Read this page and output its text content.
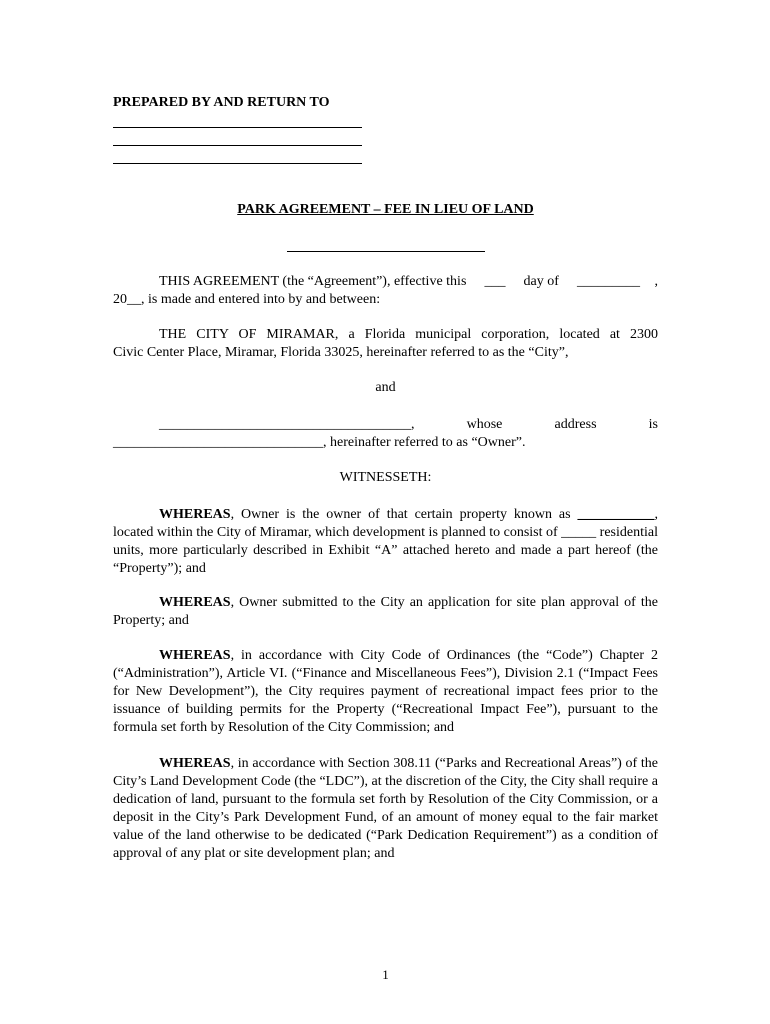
PREPARED BY AND RETURN TO
PARK AGREEMENT – FEE IN LIEU OF LAND
THIS AGREEMENT (the “Agreement”), effective this ___ day of _________ ,
20__, is made and entered into by and between:
THE CITY OF MIRAMAR, a Florida municipal corporation, located at 2300
Civic Center Place, Miramar, Florida 33025, hereinafter referred to as the “City”,
and
____________________________________,	whose	address	is
______________________________, hereinafter referred to as “Owner”.
WITNESSETH:
WHEREAS, Owner is the owner of that certain property known as ___________, located within the City of Miramar, which development is planned to consist of _____ residential units, more particularly described in Exhibit “A” attached hereto and made a part hereof (the “Property”); and
WHEREAS, Owner submitted to the City an application for site plan approval of the Property; and
WHEREAS, in accordance with City Code of Ordinances (the “Code”) Chapter 2 (“Administration”), Article VI. (“Finance and Miscellaneous Fees”), Division 2.1 (“Impact Fees for New Development”), the City requires payment of recreational impact fees prior to the issuance of building permits for the Property (“Recreational Impact Fee”), pursuant to the formula set forth by Resolution of the City Commission; and
WHEREAS, in accordance with Section 308.11 (“Parks and Recreational Areas”) of the City’s Land Development Code (the “LDC”), at the discretion of the City, the City shall require a dedication of land, pursuant to the formula set forth by Resolution of the City Commission, or a deposit in the City’s Park Development Fund, of an amount of money equal to the fair market value of the land otherwise to be dedicated (“Park Dedication Requirement”) as a condition of approval of any plat or site development plan; and
1
